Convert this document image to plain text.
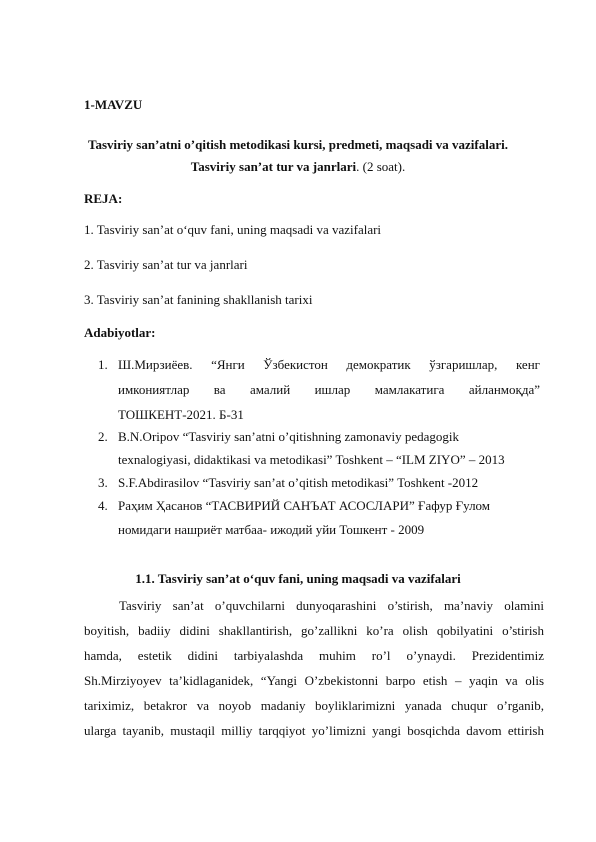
1-MAVZU
Tasviriy san’atni o’qitish metodikasi kursi, predmeti, maqsadi va vazifalari.
Tasviriy san’at tur va janrlari. (2 soat).
REJA:
1. Tasviriy san’at o‘quv fani, uning maqsadi va vazifalari
2. Tasviriy san’at tur va janrlari
3. Tasviriy san’at fanining shakllanish tarixi
Adabiyotlar:
1. Ш.Мирзиёев. “Янги Ўзбекистон демократик ўзгаришлар, кенг
имкониятлар ва амалий ишлар мамлакатига айланмоқда”
ТОШКЕНТ-2021. Б-31
2. B.N.Oripov “Tasviriy san’atni o’qitishning zamonaviy pedagogik
texnalogiyasi, didaktikasi va metodikasi” Toshkent – “ILM ZIYO” – 2013
3. S.F.Abdirasilov “Tasviriy san’at o’qitish metodikasi” Toshkent -2012
4. Раҳим Ҳасанов “ТАСВИРИЙ САНЪАТ АСОСЛАРИ” Ғафур Ғулом
номидаги нашриёт матбаа- ижодий уйи Тошкент - 2009
1.1. Tasviriy san’at o‘quv fani, uning maqsadi va vazifalari
Tasviriy san’at o’quvchilarni dunyoqarashini o’stirish, ma’naviy olamini
boyitish, badiiy didini shakllantirish, go’zallikni ko’ra olish qobilyatini o’stirish
hamda, estetik didini tarbiyalashda muhim ro’l o’ynaydi. Prezidentimiz
Sh.Mirziyoyev ta’kidlaganidek, “Yangi O’zbekistonni barpo etish – yaqin va olis
tariximiz, betakror va noyob madaniy boyliklarimizni yanada chuqur o’rganib,
ularga tayanib, mustaqil milliy tarqqiyot yo’limizni yangi bosqichda davom ettirish
